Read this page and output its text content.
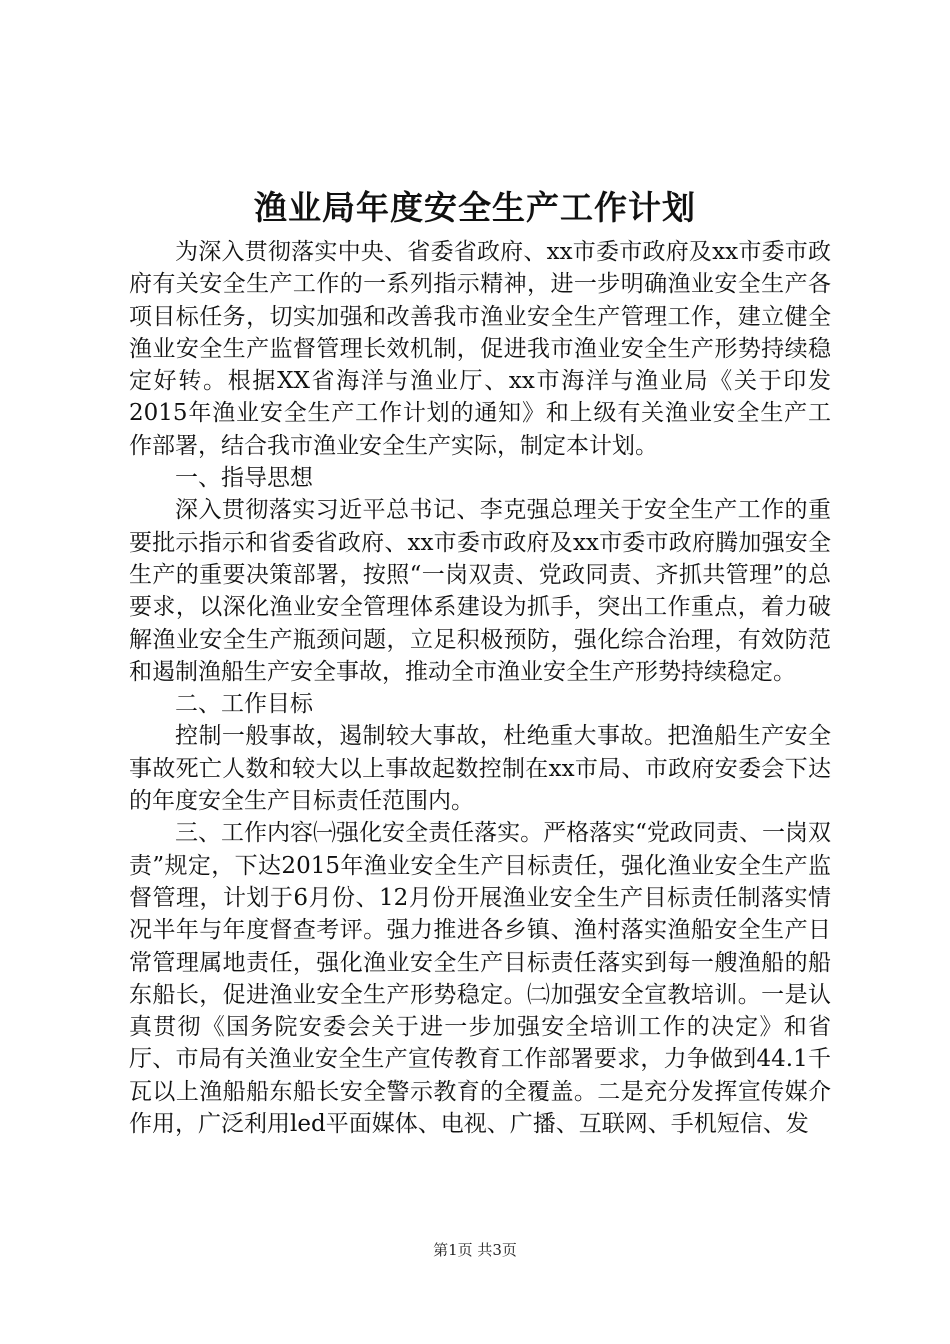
渔业局年度安全生产工作计划

为深入贯彻落实中央、省委省政府、xx市委市政府及xx市委市政府有关安全生产工作的一系列指示精神，进一步明确渔业安全生产各项目标任务，切实加强和改善我市渔业安全生产管理工作，建立健全渔业安全生产监督管理长效机制，促进我市渔业安全生产形势持续稳定好转。根据XX省海洋与渔业厅、xx市海洋与渔业局《关于印发2015年渔业安全生产工作计划的通知》和上级有关渔业安全生产工作部署，结合我市渔业安全生产实际，制定本计划。

一、指导思想

深入贯彻落实习近平总书记、李克强总理关于安全生产工作的重要批示指示和省委省政府、xx市委市政府及xx市委市政府腾加强安全生产的重要决策部署，按照“一岗双责、党政同责、齐抓共管理”的总要求，以深化渔业安全管理体系建设为抓手，突出工作重点，着力破解渔业安全生产瓶颈问题，立足积极预防，强化综合治理，有效防范和遏制渔船生产安全事故，推动全市渔业安全生产形势持续稳定。

二、工作目标

控制一般事故，遏制较大事故，杜绝重大事故。把渔船生产安全事故死亡人数和较大以上事故起数控制在xx市局、市政府安委会下达的年度安全生产目标责任范围内。

三、工作内容㈠强化安全责任落实。严格落实“党政同责、一岗双责”规定，下达2015年渔业安全生产目标责任，强化渔业安全生产监督管理，计划于6月份、12月份开展渔业安全生产目标责任制落实情况半年与年度督查考评。强力推进各乡镇、渔村落实渔船安全生产日常管理属地责任，强化渔业安全生产目标责任落实到每一艘渔船的船东船长，促进渔业安全生产形势稳定。㈡加强安全宣教培训。一是认真贯彻《国务院安委会关于进一步加强安全培训工作的决定》和省厅、市局有关渔业安全生产宣传教育工作部署要求，力争做到44.1千瓦以上渔船船东船长安全警示教育的全覆盖。二是充分发挥宣传媒介作用，广泛利用led平面媒体、电视、广播、互联网、手机短信、发

第1页 共3页
